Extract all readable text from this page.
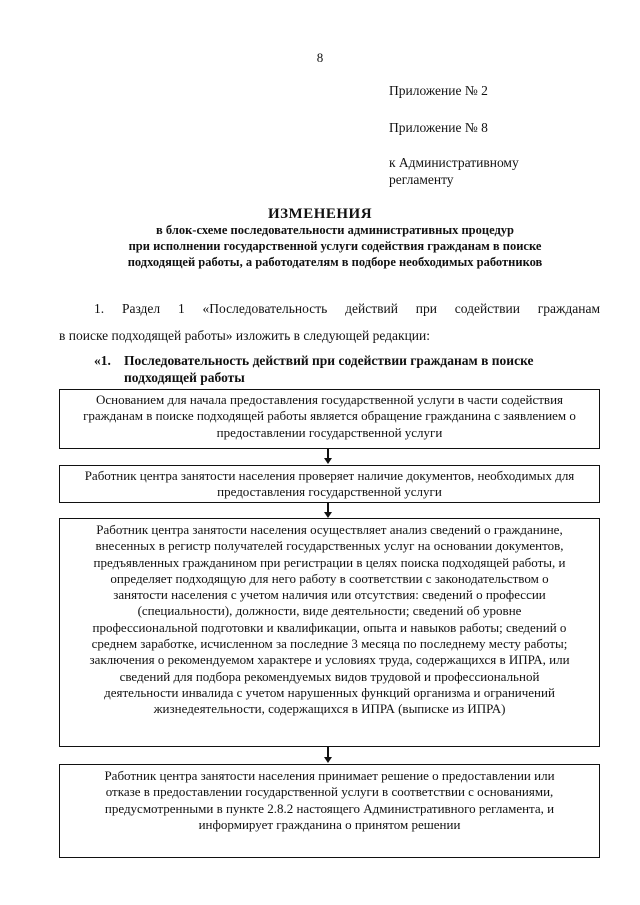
8
Приложение № 2
Приложение № 8
к Административному
регламенту
ИЗМЕНЕНИЯ
в блок-схеме последовательности административных процедур
при исполнении государственной услуги содействия гражданам в поиске
подходящей работы, а работодателям в подборе необходимых работников
1. Раздел 1 «Последовательность действий при содействии гражданам
в поиске подходящей работы» изложить в следующей редакции:
«1. Последовательность действий при содействии гражданам в поиске подходящей работы
Основанием для начала предоставления государственной услуги в части содействия гражданам в поиске подходящей работы является обращение гражданина с заявлением о предоставлении государственной услуги
Работник центра занятости населения проверяет наличие документов, необходимых для предоставления государственной услуги
Работник центра занятости населения осуществляет анализ сведений о гражданине, внесенных в регистр получателей государственных услуг на основании документов, предъявленных гражданином при регистрации в целях поиска подходящей работы, и определяет подходящую для него работу в соответствии с законодательством о занятости населения с учетом наличия или отсутствия: сведений о профессии (специальности), должности, виде деятельности; сведений об уровне профессиональной подготовки и квалификации, опыта и навыков работы; сведений о среднем заработке, исчисленном за последние 3 месяца по последнему месту работы; заключения о рекомендуемом характере и условиях труда, содержащихся в ИПРА, или сведений для подбора рекомендуемых видов трудовой и профессиональной деятельности инвалида с учетом нарушенных функций организма и ограничений жизнедеятельности, содержащихся в ИПРА (выписке из ИПРА)
Работник центра занятости населения принимает решение о предоставлении или отказе в предоставлении государственной услуги в соответствии с основаниями, предусмотренными в пункте 2.8.2 настоящего Административного регламента, и информирует гражданина о принятом решении
